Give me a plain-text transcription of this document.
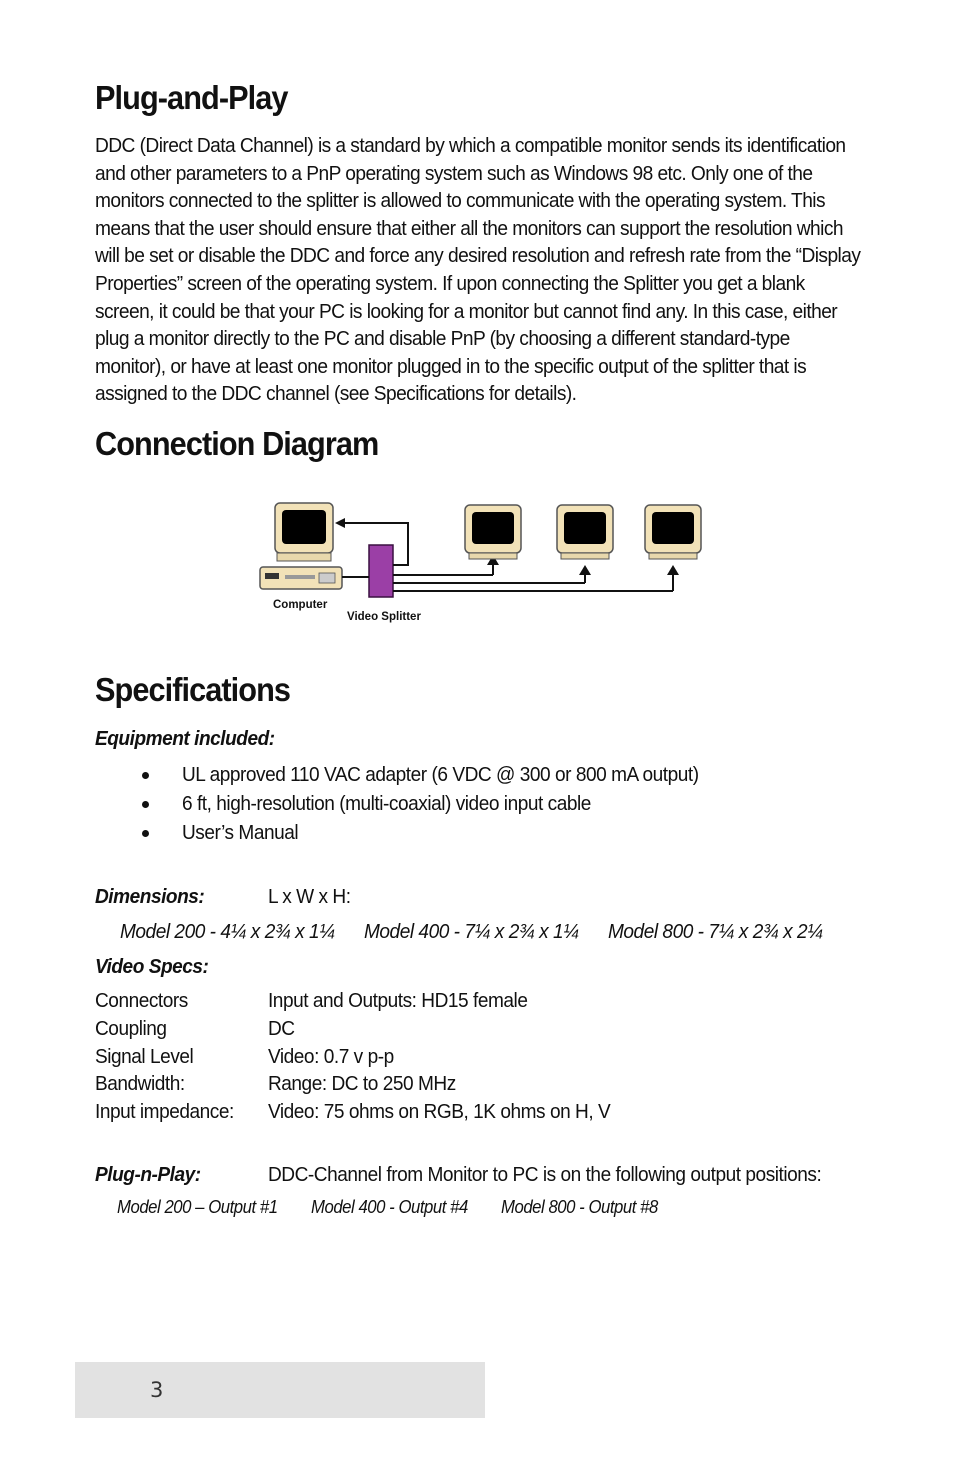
Plug-and-Play

DDC (Direct Data Channel) is a standard by which a compatible monitor sends its identification and other parameters to a PnP operating system such as Windows 98 etc. Only one of the monitors connected to the splitter is allowed to communicate with the operating system. This means that the user should ensure that either all the monitors can support the resolution which will be set or disable the DDC and force any desired resolution and refresh rate from the “Display Properties” screen of the operating system. If upon connecting the Splitter you get a blank screen, it could be that your PC is looking for a monitor but cannot find any. In this case, either plug a monitor directly to the PC and disable PnP (by choosing a different standard-type monitor), or have at least one monitor plugged in to the specific output of the splitter that is assigned to the DDC channel (see Specifications for details).

Connection Diagram
Computer
Video Splitter
Specifications
Equipment included:
UL approved 110 VAC adapter (6 VDC @ 300 or 800 mA output)
6 ft, high-resolution (multi-coaxial) video input cable
User’s Manual
Dimensions:	L x W x H:
Model 200 - 4¼ x 2¾ x 1¼ Model 400 - 7¼ x 2¾ x 1¼ Model 800 - 7¼ x 2¾ x 2¼
Video Specs:
Connectors	Input and Outputs: HD15 female
Coupling	DC
Signal Level	Video: 0.7 v p-p
Bandwidth:	Range: DC to 250 MHz
Input impedance: Video: 75 ohms on RGB, 1K ohms on H, V
Plug-n-Play:	DDC-Channel from Monitor to PC is on the following output positions:
Model 200 – Output #1 Model 400 - Output #4 Model 800 - Output #8
3
